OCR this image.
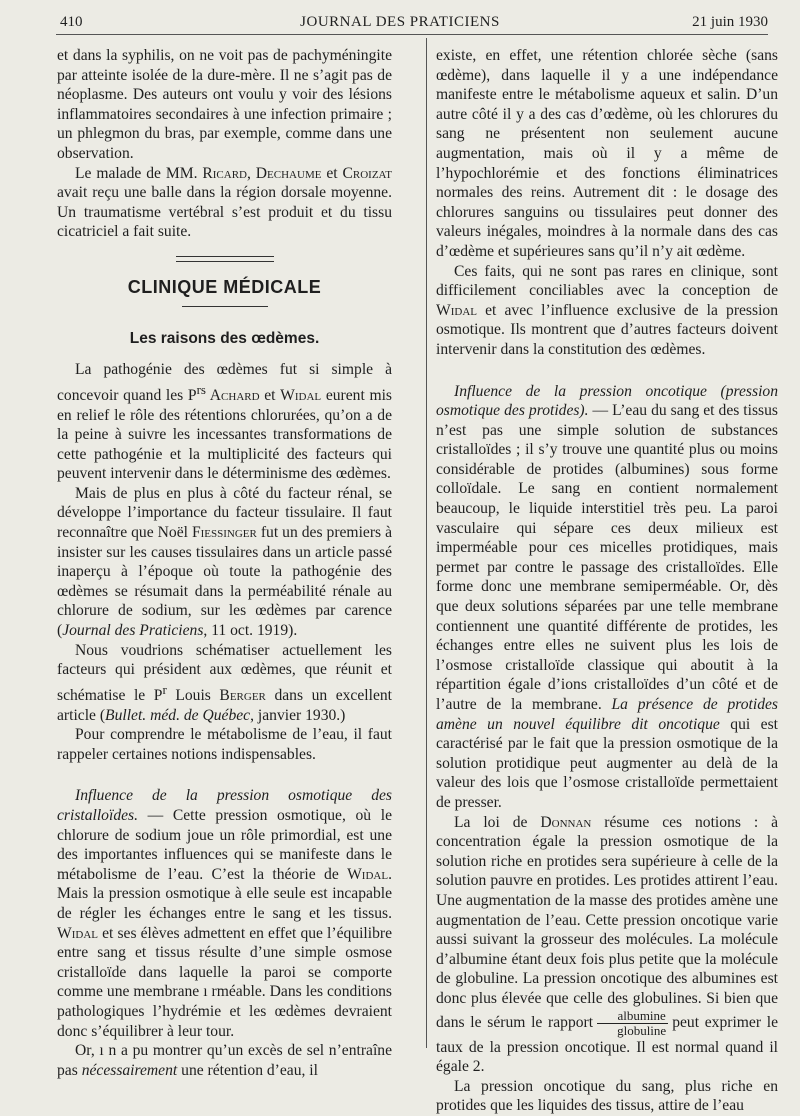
410	JOURNAL DES PRATICIENS	21 juin 1930

et dans la syphilis, on ne voit pas de pachyméningite par atteinte isolée de la dure-mère. Il ne s’agit pas de néoplasme. Des auteurs ont voulu y voir des lésions inflammatoires secondaires à une infection primaire ; un phlegmon du bras, par exemple, comme dans une observation.

Le malade de MM. Ricard, Dechaume et Croizat avait reçu une balle dans la région dorsale moyenne. Un traumatisme vertébral s’est produit et du tissu cicatriciel a fait suite.

CLINIQUE MÉDICALE
Les raisons des œdèmes.

La pathogénie des œdèmes fut si simple à concevoir quand les $P^{rs}$ Achard et Widal eurent mis en relief le rôle des rétentions chlorurées, qu’on a de la peine à suivre les incessantes transformations de cette pathogénie et la multiplicité des facteurs qui peuvent intervenir dans le déterminisme des œdèmes.

Mais de plus en plus à côté du facteur rénal, se développe l’importance du facteur tissulaire. Il faut reconnaître que Noël Fiessinger fut un des premiers à insister sur les causes tissulaires dans un article passé inaperçu à l’époque où toute la pathogénie des œdèmes se résumait dans la perméabilité rénale au chlorure de sodium, sur les œdèmes par carence (Journal des Praticiens, 11 oct. 1919).

Nous voudrions schématiser actuellement les facteurs qui président aux œdèmes, que réunit et schématise le $P^r$ Louis Berger dans un excellent article (Bullet. méd. de Québec, janvier 1930.)

Pour comprendre le métabolisme de l’eau, il faut rappeler certaines notions indispensables.

Influence de la pression osmotique des cristalloïdes. — Cette pression osmotique, où le chlorure de sodium joue un rôle primordial, est une des importantes influences qui se manifeste dans le métabolisme de l’eau. C’est la théorie de Widal. Mais la pression osmotique à elle seule est incapable de régler les échanges entre le sang et les tissus. Widal et ses élèves admettent en effet que l’équilibre entre sang et tissus résulte d’une simple osmose cristalloïde dans laquelle la paroi se comporte comme une membrane ı rméable. Dans les conditions pathologiques l’hydrémie et les œdèmes devraient donc s’équilibrer à leur tour.

Or, ı n a pu montrer qu’un excès de sel n’entraîne pas nécessairement une rétention d’eau, il

existe, en effet, une rétention chlorée sèche (sans œdème), dans laquelle il y a une indépendance manifeste entre le métabolisme aqueux et salin. D’un autre côté il y a des cas d’œdème, où les chlorures du sang ne présentent non seulement aucune augmentation, mais où il y a même de l’hypochlorémie et des fonctions éliminatrices normales des reins. Autrement dit : le dosage des chlorures sanguins ou tissulaires peut donner des valeurs inégales, moindres à la normale dans des cas d’œdème et supérieures sans qu’il n’y ait œdème.

Ces faits, qui ne sont pas rares en clinique, sont difficilement conciliables avec la conception de Widal et avec l’influence exclusive de la pression osmotique. Ils montrent que d’autres facteurs doivent intervenir dans la constitution des œdèmes.

Influence de la pression oncotique (pression osmotique des protides). — L’eau du sang et des tissus n’est pas une simple solution de substances cristalloïdes ; il s’y trouve une quantité plus ou moins considérable de protides (albumines) sous forme colloïdale. Le sang en contient normalement beaucoup, le liquide interstitiel très peu. La paroi vasculaire qui sépare ces deux milieux est imperméable pour ces micelles protidiques, mais permet par contre le passage des cristalloïdes. Elle forme donc une membrane semiperméable. Or, dès que deux solutions séparées par une telle membrane contiennent une quantité différente de protides, les échanges entre elles ne suivent plus les lois de l’osmose cristalloïde classique qui aboutit à la répartition égale d’ions cristalloïdes d’un côté et de l’autre de la membrane. La présence de protides amène un nouvel équilibre dit oncotique qui est caractérisé par le fait que la pression osmotique de la solution protidique peut augmenter au delà de la valeur des lois que l’osmose cristalloïde permettaient de presser.

La loi de Donnan résume ces notions : à concentration égale la pression osmotique de la solution riche en protides sera supérieure à celle de la solution pauvre en protides. Les protides attirent l’eau. Une augmentation de la masse des protides amène une augmentation de l’eau. Cette pression oncotique varie aussi suivant la grosseur des molécules. La molécule d’albumine étant deux fois plus petite que la molécule de globuline. La pression oncotique des albumines est donc plus élevée que celle des globulines. Si bien que dans le sérum le rapport $\frac{\text{albumine}}{\text{globuline}}$ peut exprimer le taux de la pression oncotique. Il est normal quand il égale 2.

La pression oncotique du sang, plus riche en protides que les liquides des tissus, attire de l’eau
